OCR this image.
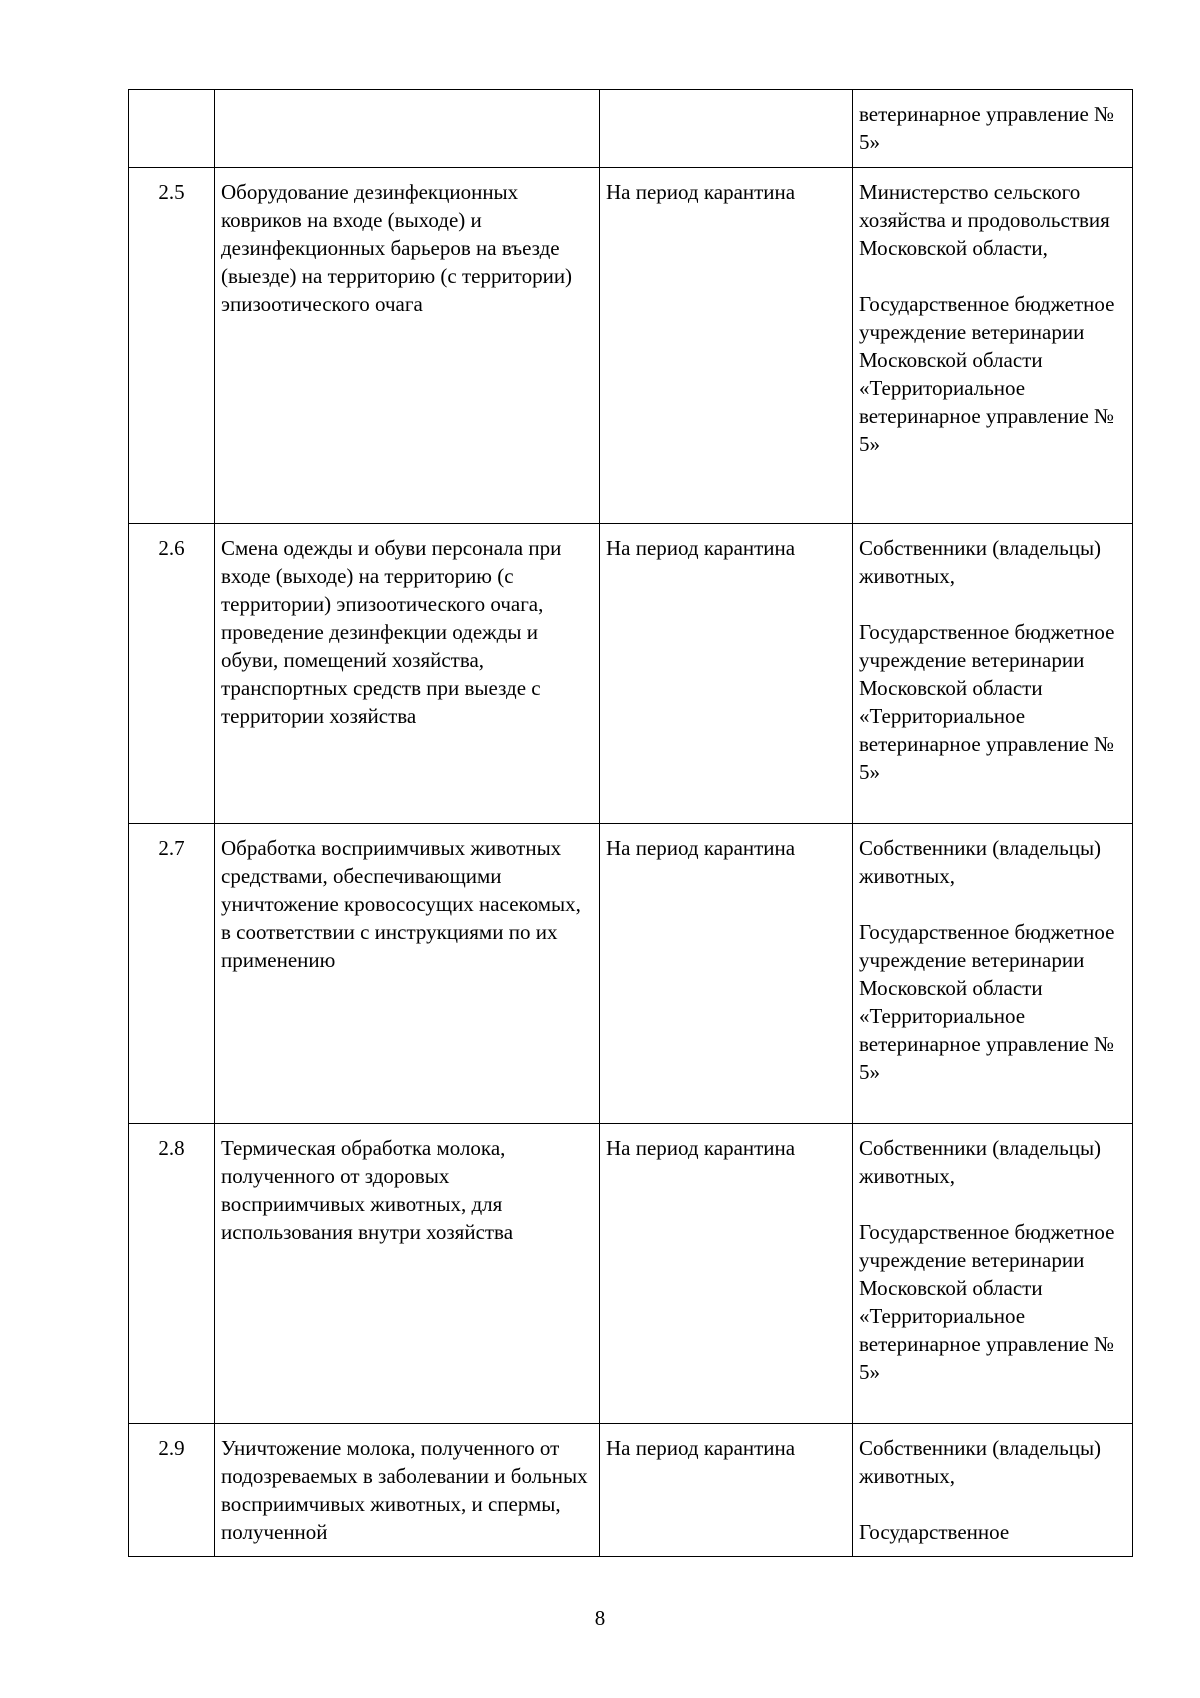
			ветеринарное управление № 5»
2.5	Оборудование дезинфекционных ковриков на входе (выходе) и дезинфекционных барьеров на въезде (выезде) на территорию (с территории) эпизоотического очага	На период карантина	Министерство сельского хозяйства и продовольствия Московской области,
Государственное бюджетное учреждение ветеринарии Московской области «Территориальное ветеринарное управление № 5»

2.6	Смена одежды и обуви персонала при входе (выходе) на территорию (с территории) эпизоотического очага, проведение дезинфекции одежды и обуви, помещений хозяйства, транспортных средств при выезде с территории хозяйства	На период карантина	Собственники (владельцы) животных,
Государственное бюджетное учреждение ветеринарии Московской области «Территориальное ветеринарное управление № 5»

2.7	Обработка восприимчивых животных средствами, обеспечивающими уничтожение кровососущих насекомых, в соответствии с инструкциями по их применению	На период карантина	Собственники (владельцы) животных,
Государственное бюджетное учреждение ветеринарии Московской области «Территориальное ветеринарное управление № 5»

2.8	Термическая обработка молока, полученного от здоровых восприимчивых животных, для использования внутри хозяйства	На период карантина	Собственники (владельцы) животных,
Государственное бюджетное учреждение ветеринарии Московской области «Территориальное ветеринарное управление № 5»

2.9	Уничтожение молока, полученного от подозреваемых в заболевании и больных восприимчивых животных, и спермы, полученной	На период карантина	Собственники (владельцы) животных,
Государственное
8
